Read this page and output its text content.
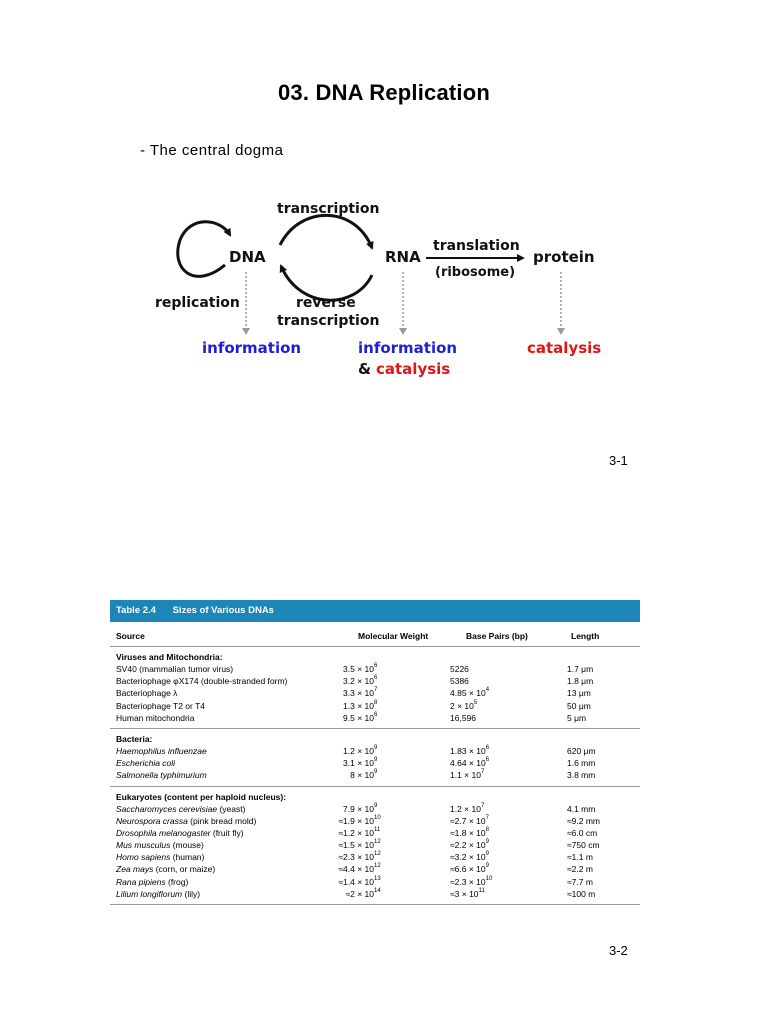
03. DNA Replication
- The central dogma
transcription
DNA	RNA
translation
(ribosome)
protein
replication	reverse
transcription
information	information
& catalysis
catalysis
3-1
Table 2.4 Sizes of Various DNAs
Source	Molecular Weight	Base Pairs (bp)	Length
Viruses and Mitochondria:
SV40 (mammalian tumor virus)	3.5 × 10 6	5226	1.7 μm
Bacteriophage φX174 (double-stranded form)	3.2 × 10 6	5386	1.8 μm
Bacteriophage λ	3.3 × 10 7	4.85 × 10 4	13 μm
Bacteriophage T2 or T4	1.3 × 10 8	2 × 10 5	50 μm
Human mitochondria	9.5 × 10 6	16,596	5 μm
Bacteria:
Haemophilus influenzae	1.2 × 10 9	1.83 × 10 6	620 μm
Escherichia coli	3.1 × 10 9	4.64 × 10 6	1.6 mm
Salmonella typhimurium	8 × 10 9	1.1 × 10 7	3.8 mm
Eukaryotes (content per haploid nucleus):
Saccharomyces cerevisiae (yeast)	7.9 × 10 9	1.2 × 10 7	4.1 mm
Neurospora crassa (pink bread mold)	≈1.9 × 10 10	≈2.7 × 10 7	≈9.2 mm
Drosophila melanogaster (fruit fly)	≈1.2 × 10 11	≈1.8 × 10 8	≈6.0 cm
Mus musculus (mouse)	≈1.5 × 10 12	≈2.2 × 10 9	≈750 cm
Homo sapiens (human)	≈2.3 × 10 12	≈3.2 × 10 9	≈1.1 m
Zea mays (corn, or maize)	≈4.4 × 10 12	≈6.6 × 10 9	≈2.2 m
Rana pipiens (frog)	≈1.4 × 10 13	≈2.3 × 10 10	≈7.7 m
Lilium longiflorum (lily)	≈2 × 10 14	≈3 × 10 11	≈100 m
3-2
